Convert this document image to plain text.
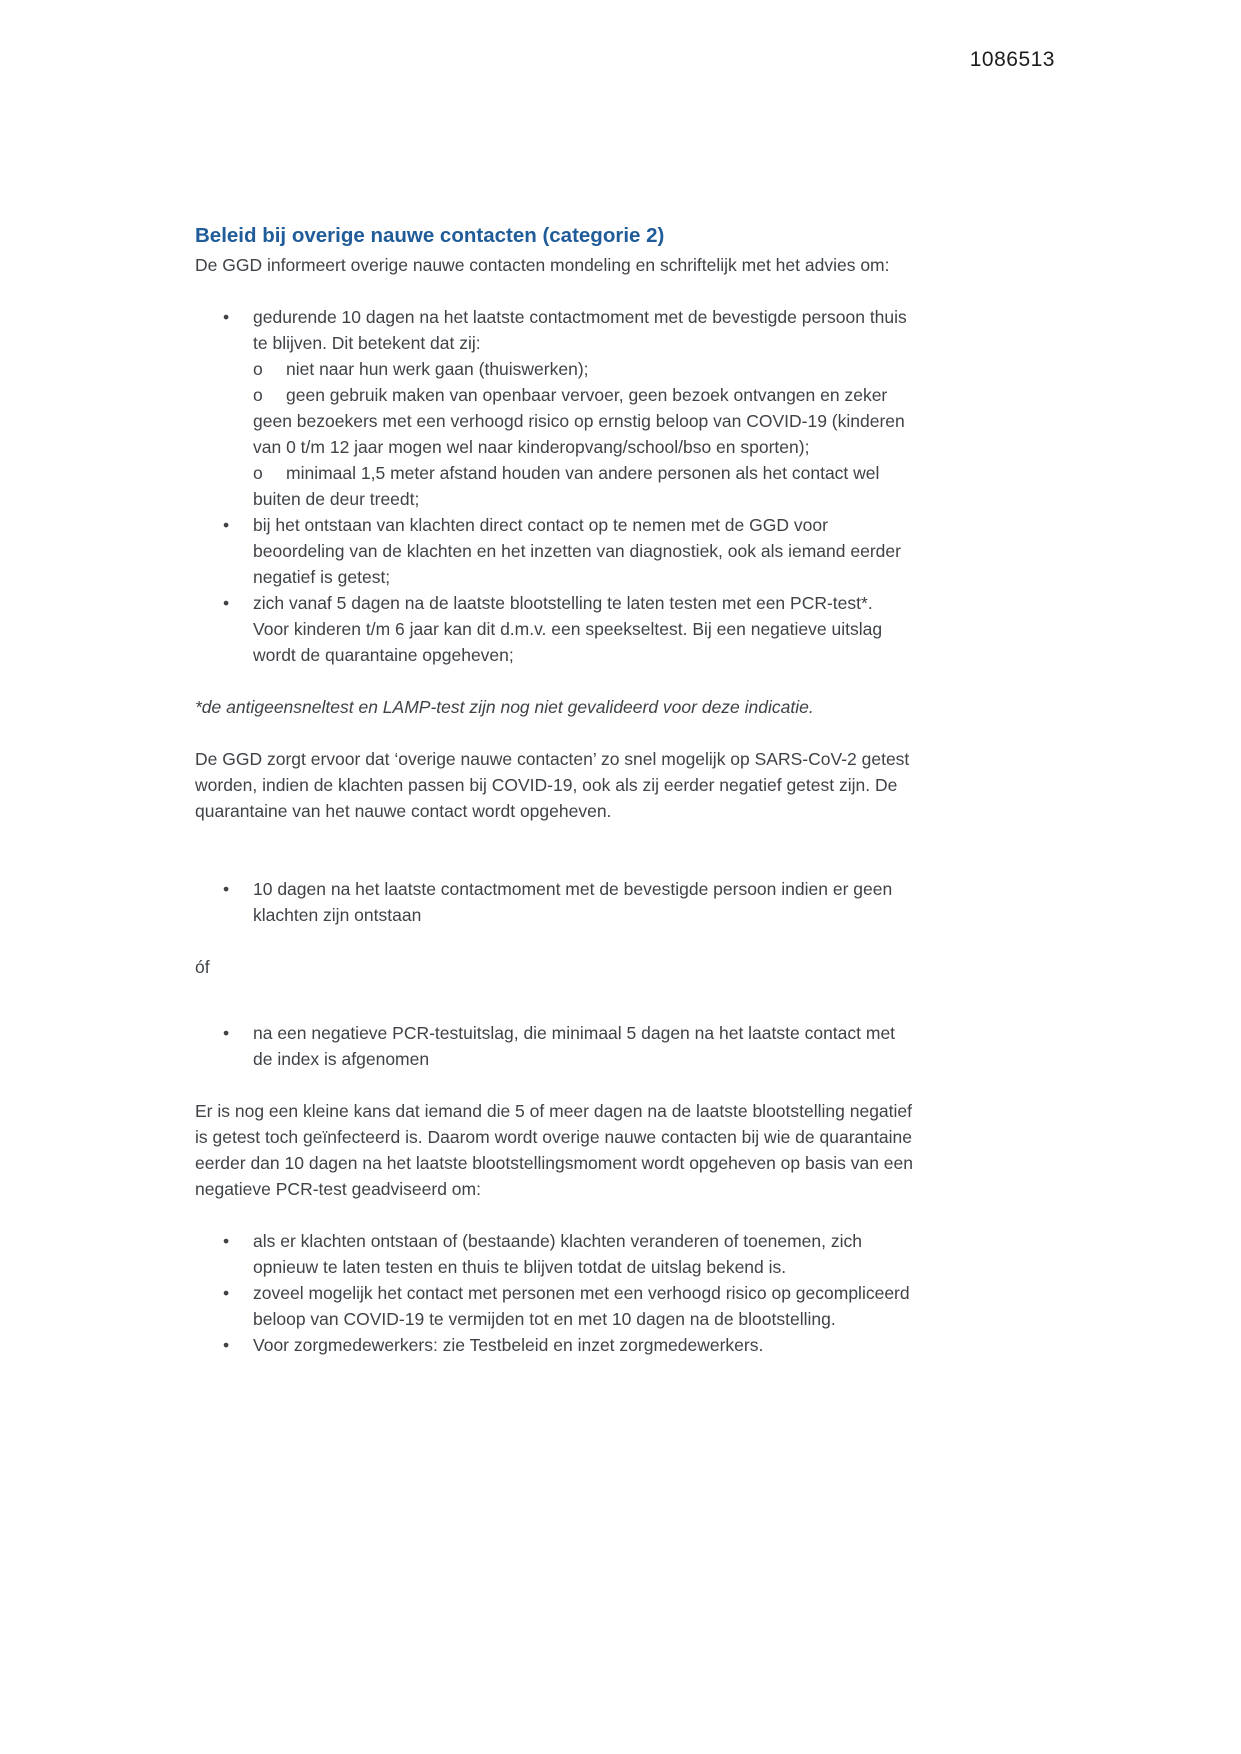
1086513
Beleid bij overige nauwe contacten (categorie 2)

De GGD informeert overige nauwe contacten mondeling en schriftelijk met het advies om:

• gedurende 10 dagen na het laatste contactmoment met de bevestigde persoon thuis te blijven. Dit betekent dat zij:
o niet naar hun werk gaan (thuiswerken);
o geen gebruik maken van openbaar vervoer, geen bezoek ontvangen en zeker geen bezoekers met een verhoogd risico op ernstig beloop van COVID-19 (kinderen van 0 t/m 12 jaar mogen wel naar kinderopvang/school/bso en sporten);
o minimaal 1,5 meter afstand houden van andere personen als het contact wel buiten de deur treedt;
• bij het ontstaan van klachten direct contact op te nemen met de GGD voor beoordeling van de klachten en het inzetten van diagnostiek, ook als iemand eerder negatief is getest;
• zich vanaf 5 dagen na de laatste blootstelling te laten testen met een PCR-test*. Voor kinderen t/m 6 jaar kan dit d.m.v. een speekseltest. Bij een negatieve uitslag wordt de quarantaine opgeheven;

*de antigeensneltest en LAMP-test zijn nog niet gevalideerd voor deze indicatie.

De GGD zorgt ervoor dat ‘overige nauwe contacten’ zo snel mogelijk op SARS-CoV-2 getest worden, indien de klachten passen bij COVID-19, ook als zij eerder negatief getest zijn. De quarantaine van het nauwe contact wordt opgeheven.

• 10 dagen na het laatste contactmoment met de bevestigde persoon indien er geen klachten zijn ontstaan

óf

• na een negatieve PCR-testuitslag, die minimaal 5 dagen na het laatste contact met de index is afgenomen

Er is nog een kleine kans dat iemand die 5 of meer dagen na de laatste blootstelling negatief is getest toch geïnfecteerd is. Daarom wordt overige nauwe contacten bij wie de quarantaine eerder dan 10 dagen na het laatste blootstellingsmoment wordt opgeheven op basis van een negatieve PCR-test geadviseerd om:

• als er klachten ontstaan of (bestaande) klachten veranderen of toenemen, zich opnieuw te laten testen en thuis te blijven totdat de uitslag bekend is.
• zoveel mogelijk het contact met personen met een verhoogd risico op gecompliceerd beloop van COVID-19 te vermijden tot en met 10 dagen na de blootstelling.
• Voor zorgmedewerkers: zie Testbeleid en inzet zorgmedewerkers.
